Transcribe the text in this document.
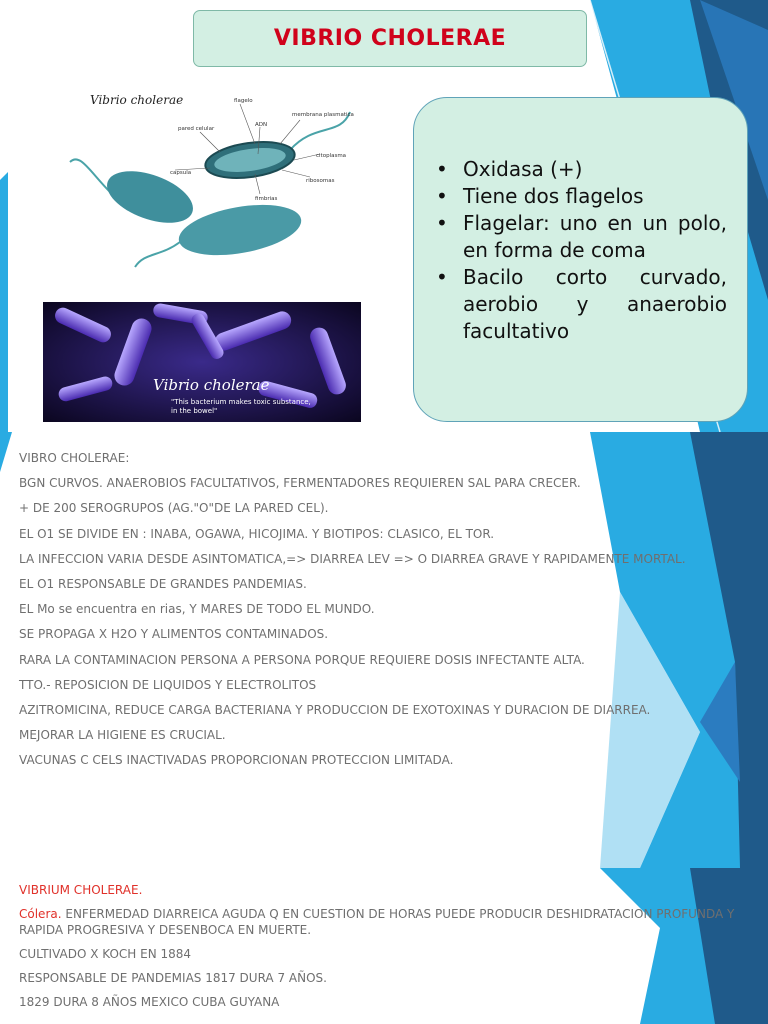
VIBRIO CHOLERAE
Vibrio cholerae	flagelo
membrana plasmatica
pared celular
ADN
citoplasma
capsula
ribosomas
fimbrias
Vibrio cholerae
"This bacterium makes toxic substance,
in the bowel"
• Oxidasa (+)
• Tiene dos flagelos
• Flagelar: uno en un polo, en forma de coma
• Bacilo corto curvado, aerobio y anaerobio facultativo
VIBRO CHOLERAE:
BGN CURVOS. ANAEROBIOS FACULTATIVOS, FERMENTADORES REQUIEREN SAL PARA CRECER.
+ DE 200 SEROGRUPOS (AG."O"DE LA PARED CEL).
EL O1 SE DIVIDE EN : INABA, OGAWA, HICOJIMA. Y BIOTIPOS: CLASICO, EL TOR.
LA INFECCION VARIA DESDE ASINTOMATICA,=> DIARREA LEV => O DIARREA GRAVE Y RAPIDAMENTE MORTAL.
EL O1 RESPONSABLE DE GRANDES PANDEMIAS.
EL Mo se encuentra en rias, Y MARES DE TODO EL MUNDO.
SE PROPAGA X H2O Y ALIMENTOS CONTAMINADOS.
RARA LA CONTAMINACION PERSONA A PERSONA PORQUE REQUIERE DOSIS INFECTANTE ALTA.
TTO.- REPOSICION DE LIQUIDOS Y ELECTROLITOS
AZITROMICINA, REDUCE CARGA BACTERIANA Y PRODUCCION DE EXOTOXINAS Y DURACION DE DIARREA.
MEJORAR LA HIGIENE ES CRUCIAL.
VACUNAS C CELS INACTIVADAS PROPORCIONAN PROTECCION LIMITADA.
VIBRIUM CHOLERAE.
Cólera. ENFERMEDAD DIARREICA AGUDA Q EN CUESTION DE HORAS PUEDE PRODUCIR DESHIDRATACION PROFUNDA Y RAPIDA PROGRESIVA Y DESENBOCA EN MUERTE.
CULTIVADO X KOCH EN 1884
RESPONSABLE DE PANDEMIAS 1817 DURA 7 AÑOS.
1829 DURA 8 AÑOS MEXICO CUBA GUYANA
